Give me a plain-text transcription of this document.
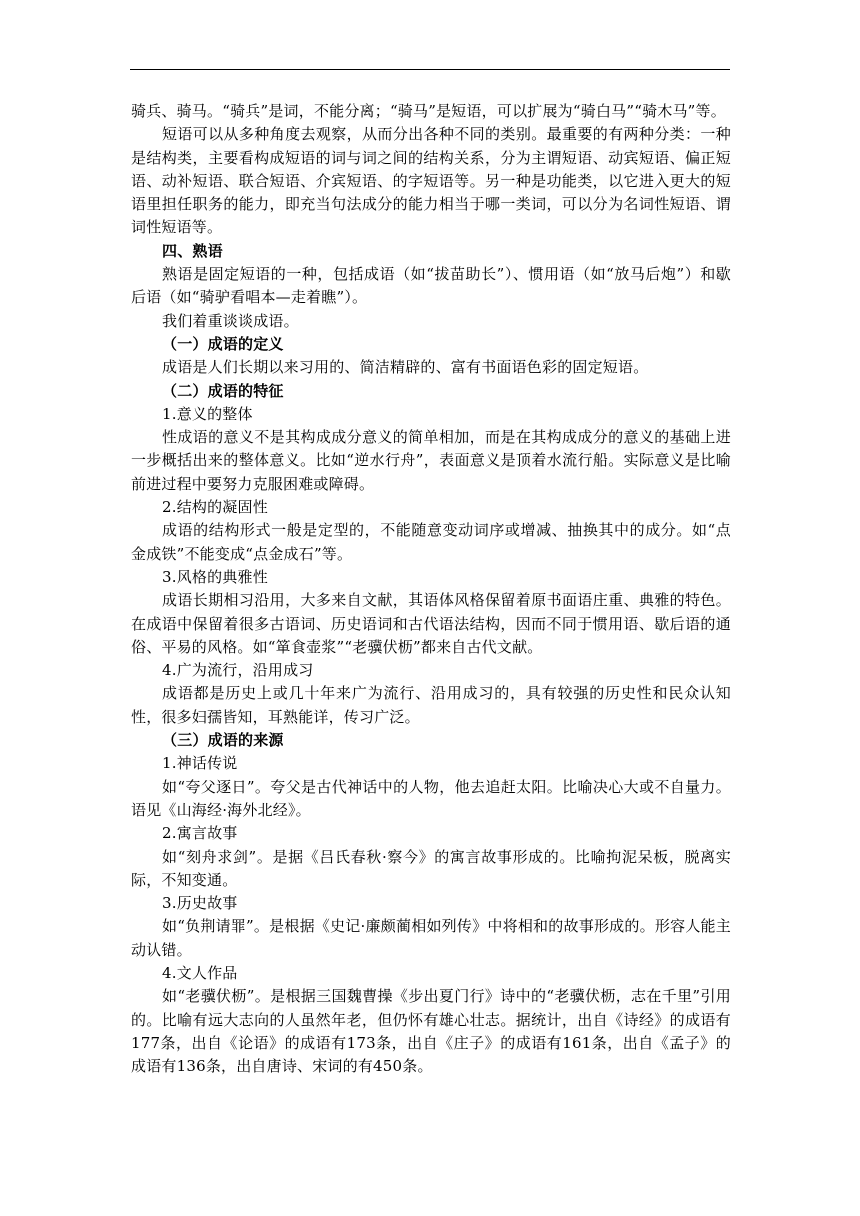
骑兵、骑马。“骑兵”是词，不能分离；“骑马”是短语，可以扩展为“骑白马”“骑木马”等。

短语可以从多种角度去观察，从而分出各种不同的类别。最重要的有两种分类：一种是结构类，主要看构成短语的词与词之间的结构关系，分为主谓短语、动宾短语、偏正短语、动补短语、联合短语、介宾短语、的字短语等。另一种是功能类，以它进入更大的短语里担任职务的能力，即充当句法成分的能力相当于哪一类词，可以分为名词性短语、谓词性短语等。

四、熟语

熟语是固定短语的一种，包括成语（如“拔苗助长”）、惯用语（如“放马后炮”）和歇后语（如“骑驴看唱本—走着瞧”）。

我们着重谈谈成语。

（一）成语的定义

成语是人们长期以来习用的、简洁精辟的、富有书面语色彩的固定短语。

（二）成语的特征

1.意义的整体

性成语的意义不是其构成成分意义的简单相加，而是在其构成成分的意义的基础上进一步概括出来的整体意义。比如“逆水行舟”，表面意义是顶着水流行船。实际意义是比喻前进过程中要努力克服困难或障碍。

2.结构的凝固性

成语的结构形式一般是定型的，不能随意变动词序或增减、抽换其中的成分。如“点金成铁”不能变成“点金成石”等。

3.风格的典雅性

成语长期相习沿用，大多来自文献，其语体风格保留着原书面语庄重、典雅的特色。在成语中保留着很多古语词、历史语词和古代语法结构，因而不同于惯用语、歇后语的通俗、平易的风格。如“箪食壶浆”“老骥伏枥”都来自古代文献。

4.广为流行，沿用成习

成语都是历史上或几十年来广为流行、沿用成习的，具有较强的历史性和民众认知性，很多妇孺皆知，耳熟能详，传习广泛。

（三）成语的来源

1.神话传说

如“夸父逐日”。夸父是古代神话中的人物，他去追赶太阳。比喻决心大或不自量力。语见《山海经·海外北经》。

2.寓言故事

如“刻舟求剑”。是据《吕氏春秋·察今》的寓言故事形成的。比喻拘泥呆板，脱离实际，不知变通。

3.历史故事

如“负荆请罪”。是根据《史记·廉颇蔺相如列传》中将相和的故事形成的。形容人能主动认错。

4.文人作品

如“老骥伏枥”。是根据三国魏曹操《步出夏门行》诗中的“老骥伏枥，志在千里”引用的。比喻有远大志向的人虽然年老，但仍怀有雄心壮志。据统计，出自《诗经》的成语有177条，出自《论语》的成语有173条，出自《庄子》的成语有161条，出自《孟子》的成语有136条，出自唐诗、宋词的有450条。
